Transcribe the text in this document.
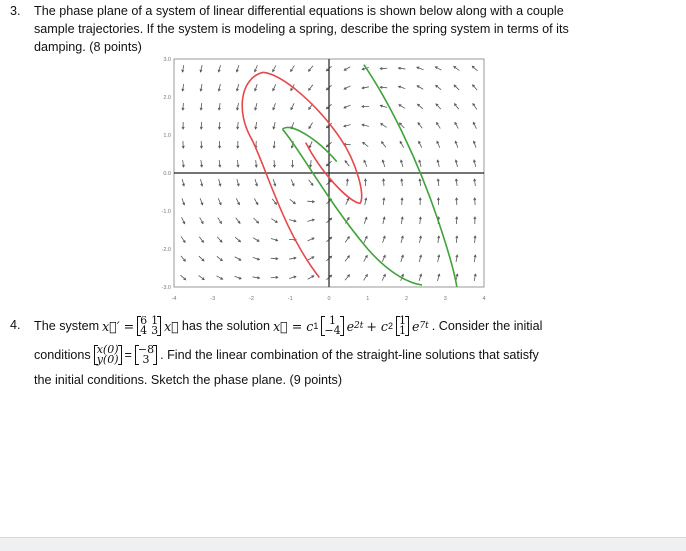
3. The phase plane of a system of linear differential equations is shown below along with a couple
sample trajectories. If the system is modeling a spring, describe the spring system in terms of its
damping. (8 points)
3.0
2.0
1.0
0.0
-1.0
-2.0
-3.0
-4	-3	-2	-1	0	1	2	3	4
4. The system x⃗′ = 6 1
4 3 x⃗ has the solution x⃗ = c 1 1
−4 e 2t + c 2 1
1 e 7t . Consider the initial
conditions x(0)
y(0) = −8
3 . Find the linear combination of the straight-line solutions that satisfy
the initial conditions. Sketch the phase plane. (9 points)
